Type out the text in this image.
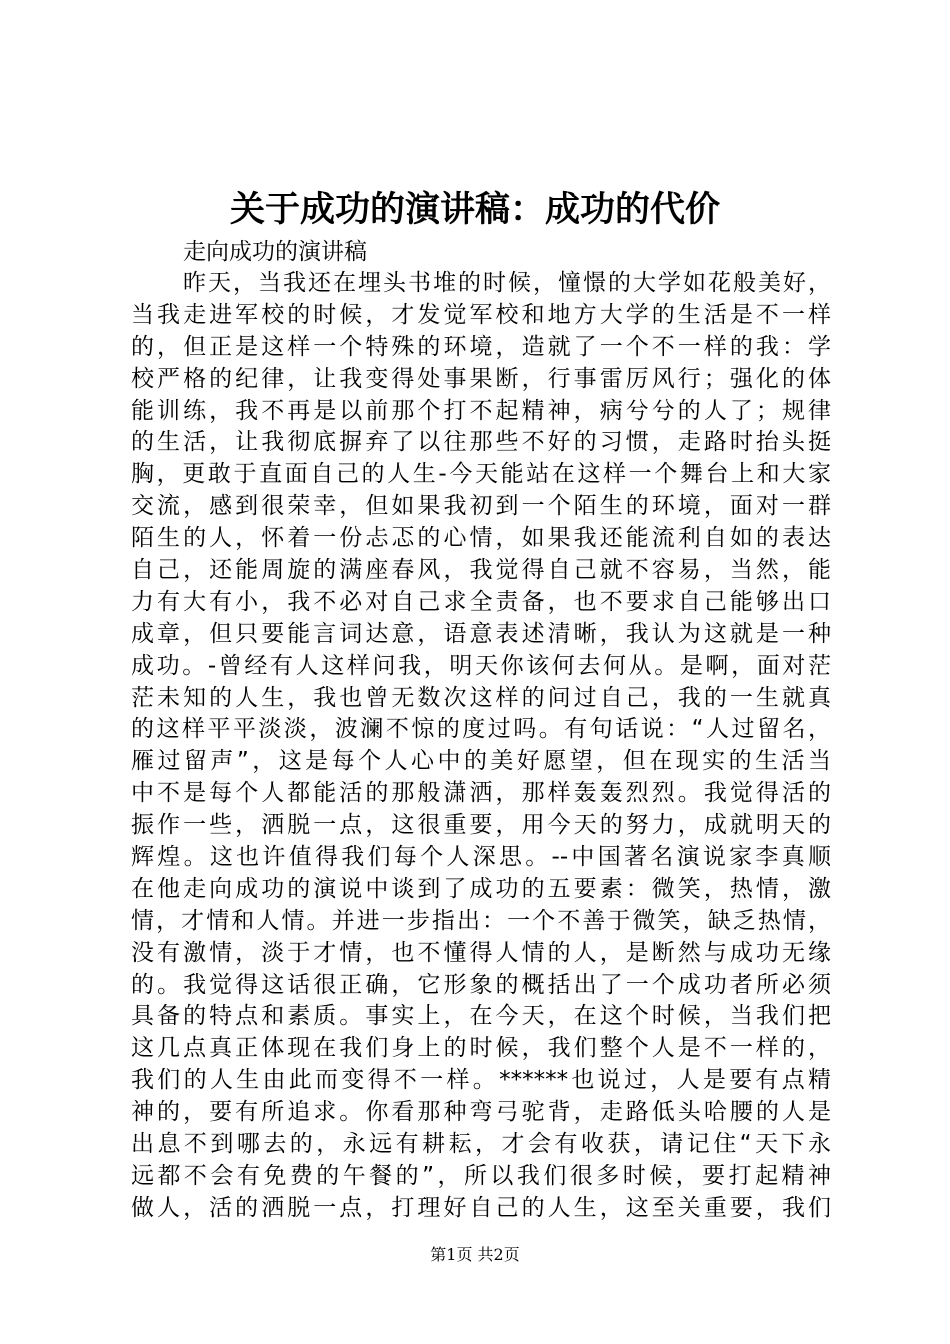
关于成功的演讲稿：成功的代价

走向成功的演讲稿

昨天，当我还在埋头书堆的时候，憧憬的大学如花般美好，
当我走进军校的时候，才发觉军校和地方大学的生活是不一样
的，但正是这样一个特殊的环境，造就了一个不一样的我：学
校严格的纪律，让我变得处事果断，行事雷厉风行；强化的体
能训练，我不再是以前那个打不起精神，病兮兮的人了；规律
的生活，让我彻底摒弃了以往那些不好的习惯，走路时抬头挺
胸，更敢于直面自己的人生-今天能站在这样一个舞台上和大家
交流，感到很荣幸，但如果我初到一个陌生的环境，面对一群
陌生的人，怀着一份忐忑的心情，如果我还能流利自如的表达
自己，还能周旋的满座春风，我觉得自己就不容易，当然，能
力有大有小，我不必对自己求全责备，也不要求自己能够出口
成章，但只要能言词达意，语意表述清晰，我认为这就是一种
成功。-曾经有人这样问我，明天你该何去何从。是啊，面对茫
茫未知的人生，我也曾无数次这样的问过自己，我的一生就真
的这样平平淡淡，波澜不惊的度过吗。有句话说：“人过留名，
雁过留声”，这是每个人心中的美好愿望，但在现实的生活当
中不是每个人都能活的那般潇洒，那样轰轰烈烈。我觉得活的
振作一些，洒脱一点，这很重要，用今天的努力，成就明天的
辉煌。这也许值得我们每个人深思。--中国著名演说家李真顺
在他走向成功的演说中谈到了成功的五要素：微笑，热情，激
情，才情和人情。并进一步指出：一个不善于微笑，缺乏热情，
没有激情，淡于才情，也不懂得人情的人，是断然与成功无缘
的。我觉得这话很正确，它形象的概括出了一个成功者所必须
具备的特点和素质。事实上，在今天，在这个时候，当我们把
这几点真正体现在我们身上的时候，我们整个人是不一样的，
我们的人生由此而变得不一样。******也说过，人是要有点精
神的，要有所追求。你看那种弯弓驼背，走路低头哈腰的人是
出息不到哪去的，永远有耕耘，才会有收获，请记住“天下永
远都不会有免费的午餐的”，所以我们很多时候，要打起精神
做人，活的洒脱一点，打理好自己的人生，这至关重要，我们
第1页 共2页
